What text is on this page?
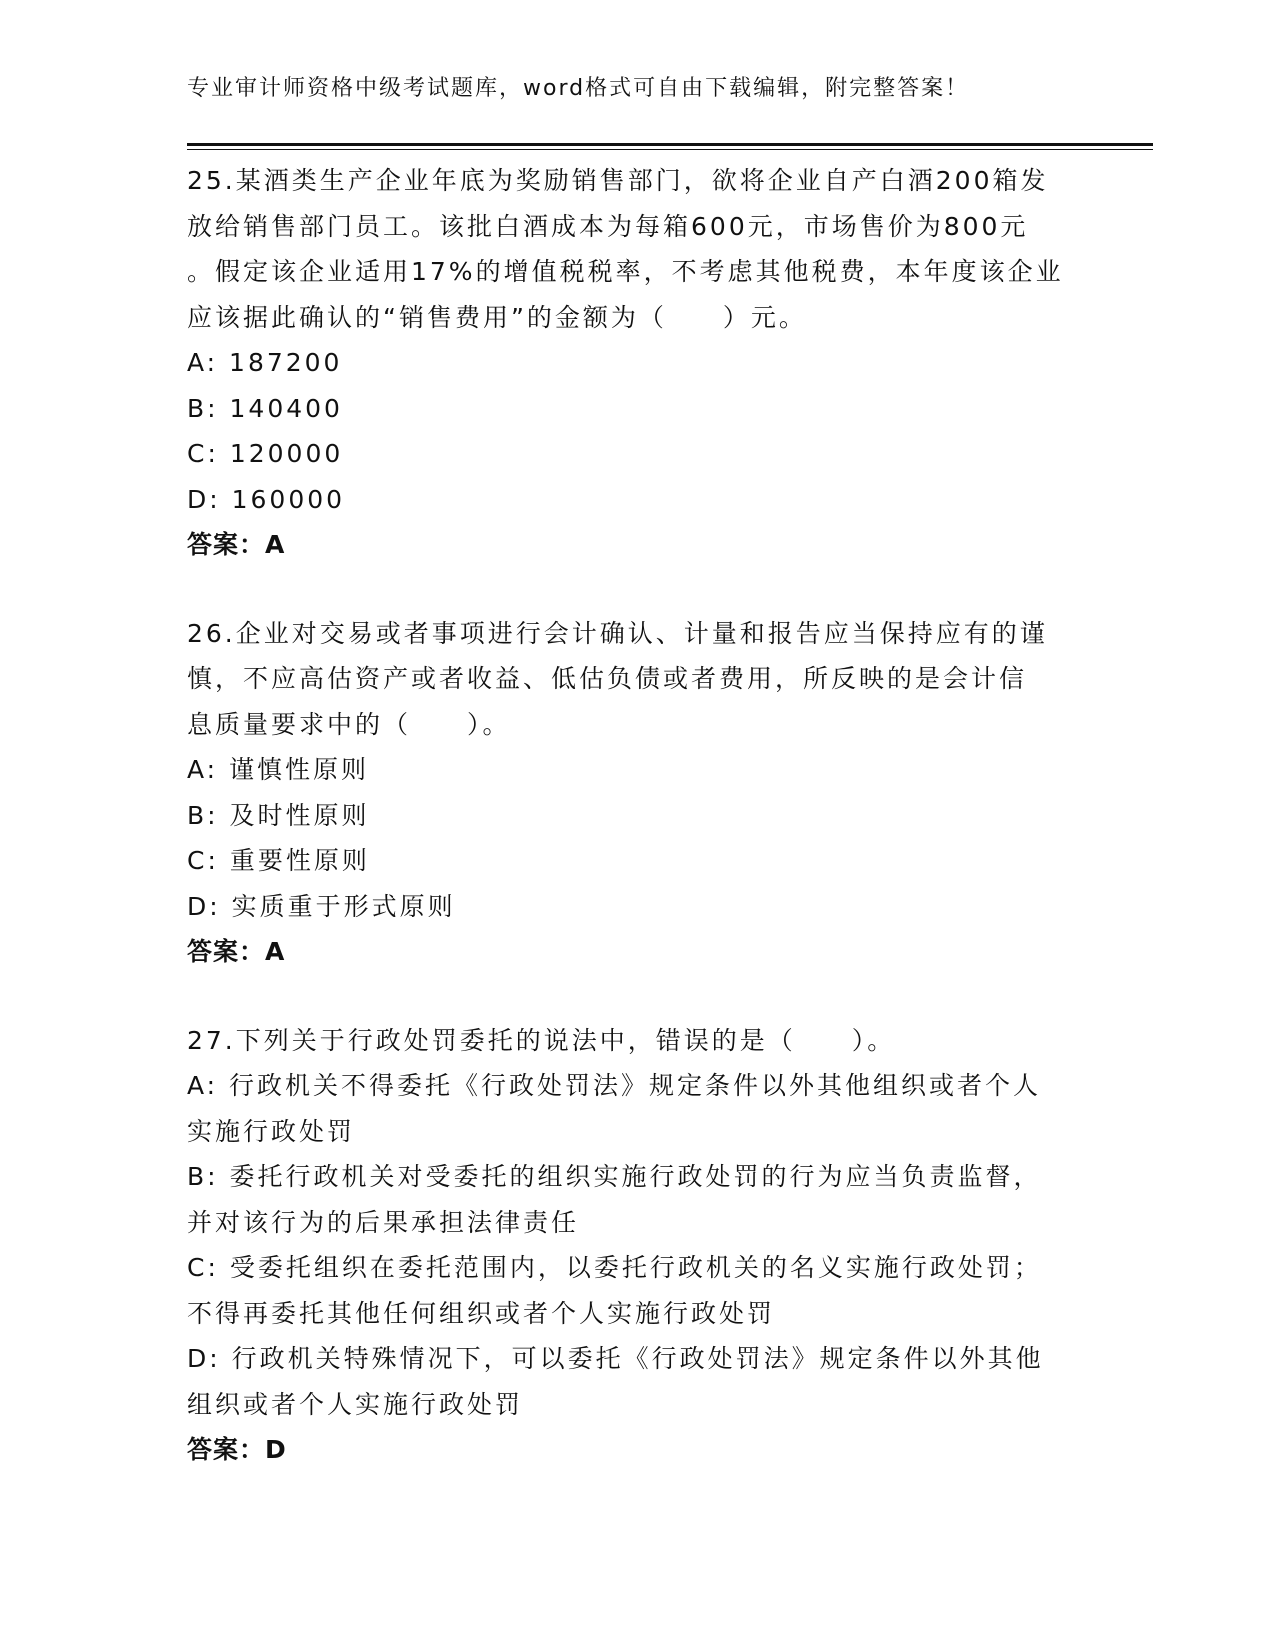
专业审计师资格中级考试题库，word格式可自由下载编辑，附完整答案！
25.某酒类生产企业年底为奖励销售部门，欲将企业自产白酒200箱发
放给销售部门员工。该批白酒成本为每箱600元，市场售价为800元
。假定该企业适用17%的增值税税率，不考虑其他税费，本年度该企业
应该据此确认的“销售费用”的金额为（　　）元。
A: 187200
B: 140400
C: 120000
D: 160000
答案：A
26.企业对交易或者事项进行会计确认、计量和报告应当保持应有的谨
慎，不应高估资产或者收益、低估负债或者费用，所反映的是会计信
息质量要求中的（　　）。
A: 谨慎性原则
B: 及时性原则
C: 重要性原则
D: 实质重于形式原则
答案：A
27.下列关于行政处罚委托的说法中，错误的是（　　）。
A: 行政机关不得委托《行政处罚法》规定条件以外其他组织或者个人
实施行政处罚
B: 委托行政机关对受委托的组织实施行政处罚的行为应当负责监督，
并对该行为的后果承担法律责任
C: 受委托组织在委托范围内，以委托行政机关的名义实施行政处罚；
不得再委托其他任何组织或者个人实施行政处罚
D: 行政机关特殊情况下，可以委托《行政处罚法》规定条件以外其他
组织或者个人实施行政处罚
答案：D
